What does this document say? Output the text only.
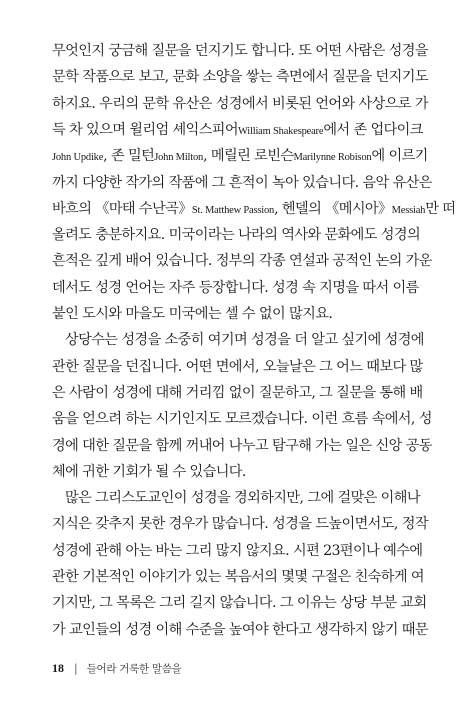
무엇인지 궁금해 질문을 던지기도 합니다. 또 어떤 사람은 성경을
문학 작품으로 보고, 문화 소양을 쌓는 측면에서 질문을 던지기도
하지요. 우리의 문학 유산은 성경에서 비롯된 언어와 사상으로 가
득 차 있으며 윌리엄 셰익스피어William Shakespeare에서 존 업다이크
John Updike, 존 밀턴John Milton, 메릴린 로빈슨Marilynne Robison에 이르기
까지 다양한 작가의 작품에 그 흔적이 녹아 있습니다. 음악 유산은
바흐의 《마태 수난곡》St. Matthew Passion, 헨델의 《메시아》Messiah만 떠
올려도 충분하지요. 미국이라는 나라의 역사와 문화에도 성경의
흔적은 깊게 배어 있습니다. 정부의 각종 연설과 공적인 논의 가운
데서도 성경 언어는 자주 등장합니다. 성경 속 지명을 따서 이름
붙인 도시와 마을도 미국에는 셀 수 없이 많지요.
상당수는 성경을 소중히 여기며 성경을 더 알고 싶기에 성경에
관한 질문을 던집니다. 어떤 면에서, 오늘날은 그 어느 때보다 많
은 사람이 성경에 대해 거리낌 없이 질문하고, 그 질문을 통해 배
움을 얻으려 하는 시기인지도 모르겠습니다. 이런 흐름 속에서, 성
경에 대한 질문을 함께 꺼내어 나누고 탐구해 가는 일은 신앙 공동
체에 귀한 기회가 될 수 있습니다.
많은 그리스도교인이 성경을 경외하지만, 그에 걸맞은 이해나
지식은 갖추지 못한 경우가 많습니다. 성경을 드높이면서도, 정작
성경에 관해 아는 바는 그리 많지 않지요. 시편 23편이나 예수에
관한 기본적인 이야기가 있는 복음서의 몇몇 구절은 친숙하게 여
기지만, 그 목록은 그리 길지 않습니다. 그 이유는 상당 부분 교회
가 교인들의 성경 이해 수준을 높여야 한다고 생각하지 않기 때문
18 | 들어라 거룩한 말씀을
